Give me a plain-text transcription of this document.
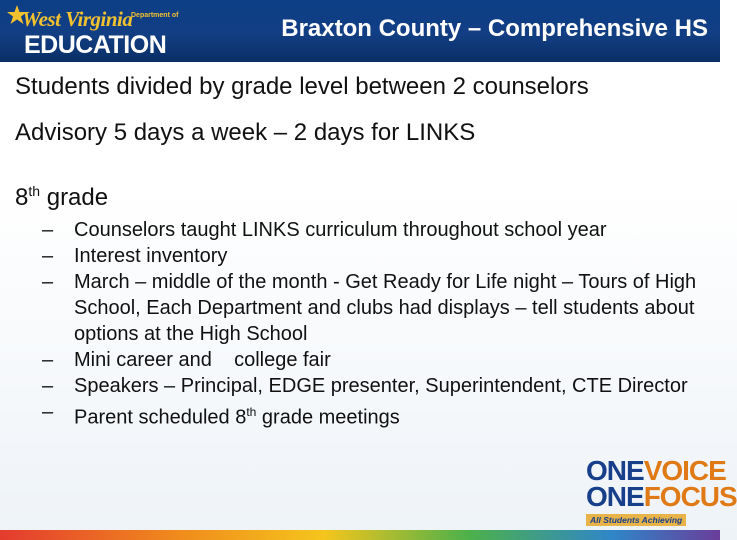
West Virginia
Department of
EDUCATION
Braxton County – Comprehensive HS

Students divided by grade level between 2 counselors

Advisory 5 days a week – 2 days for LINKS

8th grade

– Counselors taught LINKS curriculum throughout school year
– Interest inventory
– March – middle of the month - Get Ready for Life night – Tours of High School, Each Department and clubs had displays – tell students about options at the High School
– Mini career and    college fair
– Speakers – Principal, EDGE presenter, Superintendent, CTE Director
– Parent scheduled 8th grade meetings
ONEVOICE
ONEFOCUS
All Students Achieving
